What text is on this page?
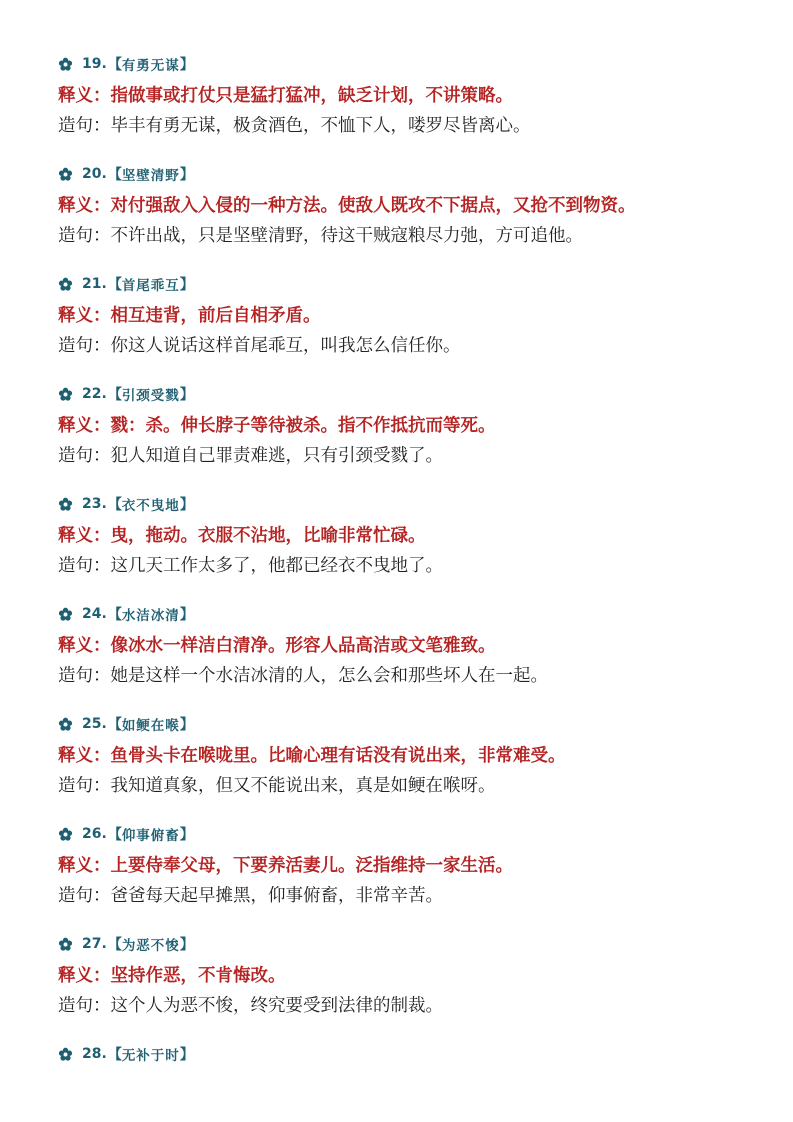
19. 【 有勇无谋 】
释义：指做事或打仗只是猛打猛冲，缺乏计划，不讲策略。
造句：毕丰有勇无谋，极贪酒色，不恤下人，喽罗尽皆离心。
20. 【 坚壁清野 】
释义：对付强敌入入侵的一种方法。使敌人既攻不下据点，又抢不到物资。
造句：不许出战，只是坚壁清野，待这干贼寇粮尽力弛，方可追他。
21. 【 首尾乖互 】
释义：相互违背，前后自相矛盾。
造句：你这人说话这样首尾乖互，叫我怎么信任你。
22. 【 引颈受戮 】
释义：戮：杀。伸长脖子等待被杀。指不作抵抗而等死。
造句：犯人知道自己罪责难逃，只有引颈受戮了。
23. 【 衣不曳地 】
释义：曳，拖动。衣服不沾地，比喻非常忙碌。
造句：这几天工作太多了，他都已经衣不曳地了。
24. 【 水洁冰清 】
释义：像冰水一样洁白清净。形容人品高洁或文笔雅致。
造句：她是这样一个水洁冰清的人，怎么会和那些坏人在一起。
25. 【 如鲠在喉 】
释义：鱼骨头卡在喉咙里。比喻心理有话没有说出来，非常难受。
造句：我知道真象，但又不能说出来，真是如鲠在喉呀。
26. 【 仰事俯畜 】
释义：上要侍奉父母，下要养活妻儿。泛指维持一家生活。
造句：爸爸每天起早摊黑，仰事俯畜，非常辛苦。
27. 【 为恶不悛 】
释义：坚持作恶，不肯悔改。
造句：这个人为恶不悛，终究要受到法律的制裁。
28. 【 无补于时 】
